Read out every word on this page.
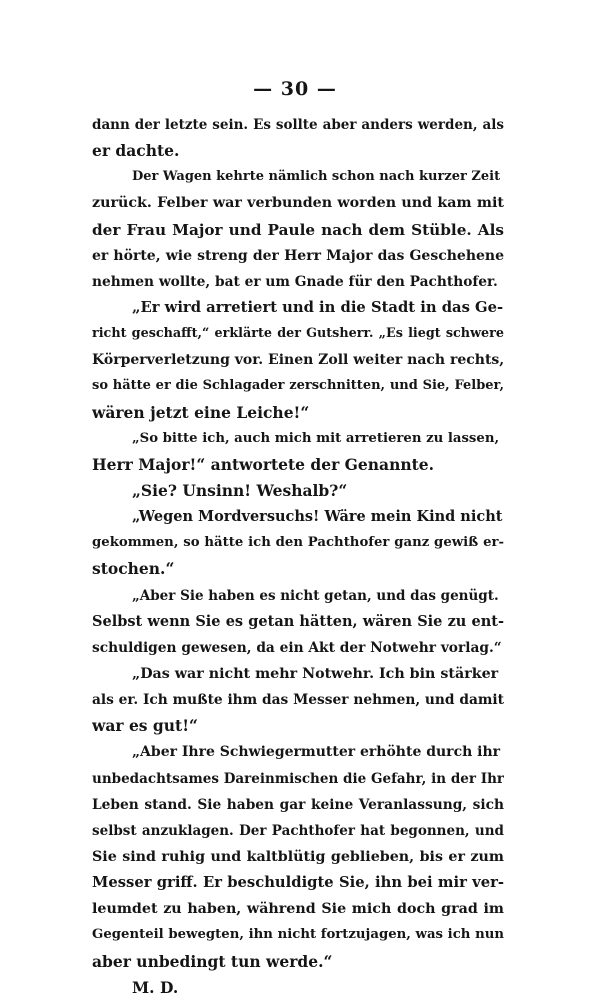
— 30 —
dann der letzte sein. Es sollte aber anders werden, als
er dachte.
Der Wagen kehrte nämlich schon nach kurzer Zeit
zurück. Felber war verbunden worden und kam mit
der Frau Major und Paule nach dem Stüble. Als
er hörte, wie streng der Herr Major das Geschehene
nehmen wollte, bat er um Gnade für den Pachthofer.
„Er wird arretiert und in die Stadt in das Ge-
richt geschafft,“ erklärte der Gutsherr. „Es liegt schwere
Körperverletzung vor. Einen Zoll weiter nach rechts,
so hätte er die Schlagader zerschnitten, und Sie, Felber,
wären jetzt eine Leiche!“
„So bitte ich, auch mich mit arretieren zu lassen,
Herr Major!“ antwortete der Genannte.
„Sie? Unsinn! Weshalb?“
„Wegen Mordversuchs! Wäre mein Kind nicht
gekommen, so hätte ich den Pachthofer ganz gewiß er-
stochen.“
„Aber Sie haben es nicht getan, und das genügt.
Selbst wenn Sie es getan hätten, wären Sie zu ent-
schuldigen gewesen, da ein Akt der Notwehr vorlag.“
„Das war nicht mehr Notwehr. Ich bin stärker
als er. Ich mußte ihm das Messer nehmen, und damit
war es gut!“
„Aber Ihre Schwiegermutter erhöhte durch ihr
unbedachtsames Dareinmischen die Gefahr, in der Ihr
Leben stand. Sie haben gar keine Veranlassung, sich
selbst anzuklagen. Der Pachthofer hat begonnen, und
Sie sind ruhig und kaltblütig geblieben, bis er zum
Messer griff. Er beschuldigte Sie, ihn bei mir ver-
leumdet zu haben, während Sie mich doch grad im
Gegenteil bewegten, ihn nicht fortzujagen, was ich nun
aber unbedingt tun werde.“
M. D.
